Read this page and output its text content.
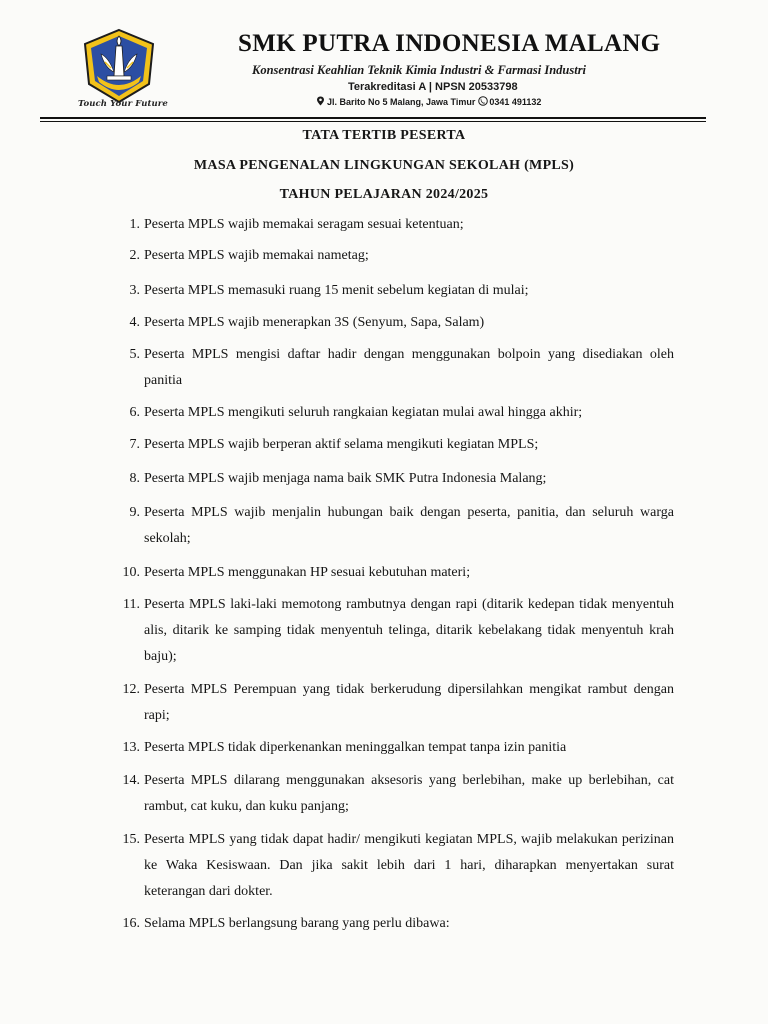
Touch Your Future
SMK PUTRA INDONESIA MALANG
Konsentrasi Keahlian Teknik Kimia Industri & Farmasi Industri
Terakreditasi A | NPSN 20533798
Jl. Barito No 5 Malang, Jawa Timur 0341 491132
TATA TERTIB PESERTA
MASA PENGENALAN LINGKUNGAN SEKOLAH (MPLS)
TAHUN PELAJARAN 2024/2025
1. Peserta MPLS wajib memakai seragam sesuai ketentuan;
2. Peserta MPLS wajib memakai nametag;
3. Peserta MPLS memasuki ruang 15 menit sebelum kegiatan di mulai;
4. Peserta MPLS wajib menerapkan 3S (Senyum, Sapa, Salam)
5. Peserta MPLS mengisi daftar hadir dengan menggunakan bolpoin yang disediakan oleh panitia
6. Peserta MPLS mengikuti seluruh rangkaian kegiatan mulai awal hingga akhir;
7. Peserta MPLS wajib berperan aktif selama mengikuti kegiatan MPLS;
8. Peserta MPLS wajib menjaga nama baik SMK Putra Indonesia Malang;
9. Peserta MPLS wajib menjalin hubungan baik dengan peserta, panitia, dan seluruh warga sekolah;
10. Peserta MPLS menggunakan HP sesuai kebutuhan materi;
11. Peserta MPLS laki-laki memotong rambutnya dengan rapi (ditarik kedepan tidak menyentuh alis, ditarik ke samping tidak menyentuh telinga, ditarik kebelakang tidak menyentuh krah baju);
12. Peserta MPLS Perempuan yang tidak berkerudung dipersilahkan mengikat rambut dengan rapi;
13. Peserta MPLS tidak diperkenankan meninggalkan tempat tanpa izin panitia
14. Peserta MPLS dilarang menggunakan aksesoris yang berlebihan, make up berlebihan, cat rambut, cat kuku, dan kuku panjang;
15. Peserta MPLS yang tidak dapat hadir/ mengikuti kegiatan MPLS, wajib melakukan perizinan ke Waka Kesiswaan. Dan jika sakit lebih dari 1 hari, diharapkan menyertakan surat keterangan dari dokter.
16. Selama MPLS berlangsung barang yang perlu dibawa:
